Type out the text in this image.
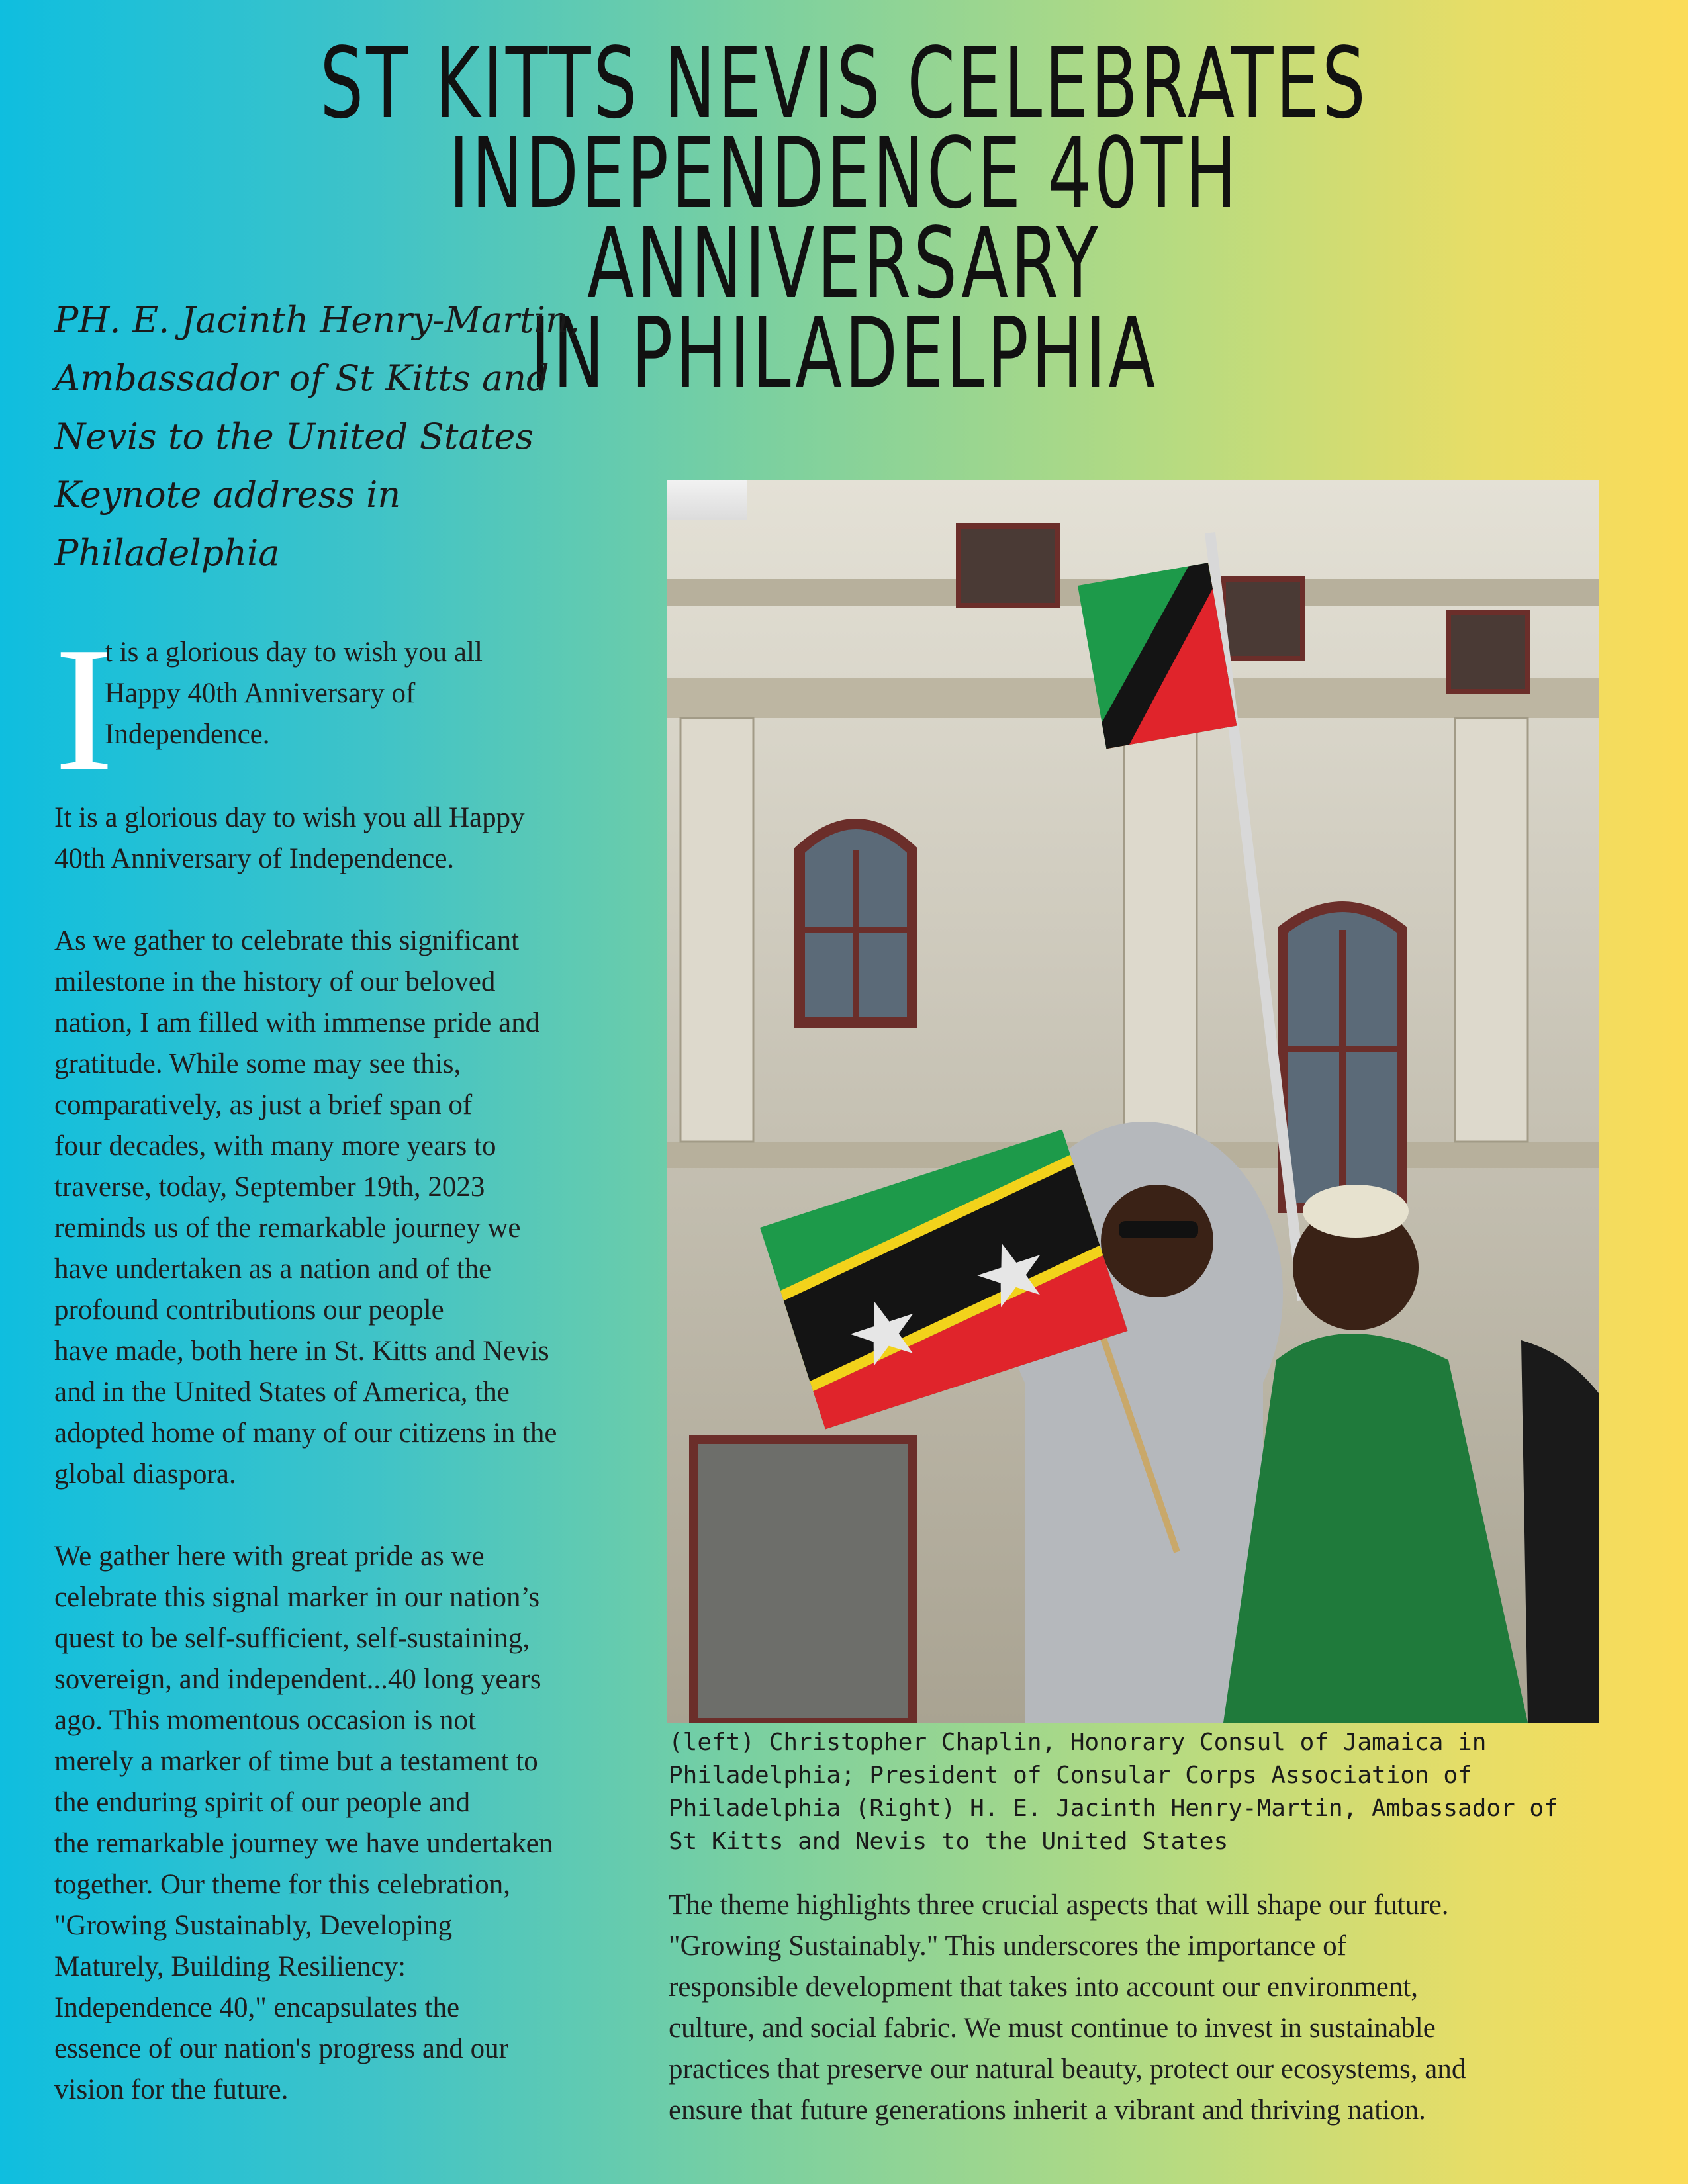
ST KITTS NEVIS CELEBRATES
INDEPENDENCE 40TH ANNIVERSARY
IN PHILADELPHIA
PH. E. Jacinth Henry-Martin,
Ambassador of St Kitts and
Nevis to the United States
Keynote address in
Philadelphia
I
t is a glorious day to wish you all
Happy 40th Anniversary of
Independence.
It is a glorious day to wish you all Happy
40th Anniversary of Independence.
As we gather to celebrate this significant
milestone in the history of our beloved
nation, I am filled with immense pride and
gratitude. While some may see this,
comparatively, as just a brief span of
four decades, with many more years to
traverse, today, September 19th, 2023
reminds us of the remarkable journey we
have undertaken as a nation and of the
profound contributions our people
have made, both here in St. Kitts and Nevis
and in the United States of America, the
adopted home of many of our citizens in the
global diaspora.
We gather here with great pride as we
celebrate this signal marker in our nation’s
quest to be self-sufficient, self-sustaining,
sovereign, and independent...40 long years
ago. This momentous occasion is not
merely a marker of time but a testament to
the enduring spirit of our people and
the remarkable journey we have undertaken
together. Our theme for this celebration,
"Growing Sustainably, Developing
Maturely, Building Resiliency:
Independence 40," encapsulates the
essence of our nation's progress and our
vision for the future.
(left) Christopher Chaplin, Honorary Consul of Jamaica in
Philadelphia; President of Consular Corps Association of
Philadelphia (Right) H. E. Jacinth Henry-Martin, Ambassador of
St Kitts and Nevis to the United States
The theme highlights three crucial aspects that will shape our future.
"Growing Sustainably." This underscores the importance of
responsible development that takes into account our environment,
culture, and social fabric. We must continue to invest in sustainable
practices that preserve our natural beauty, protect our ecosystems, and
ensure that future generations inherit a vibrant and thriving nation.
